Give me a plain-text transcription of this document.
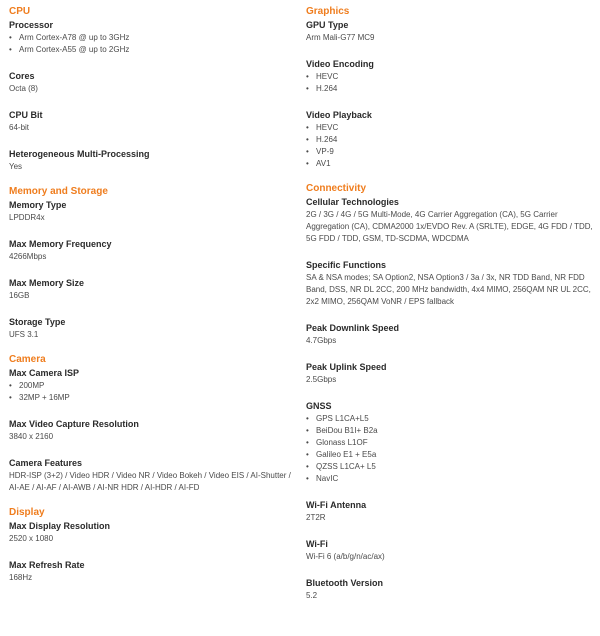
CPU
Processor
• Arm Cortex-A78 @ up to 3GHz
• Arm Cortex-A55 @ up to 2GHz
Cores
Octa (8)
CPU Bit
64-bit
Heterogeneous Multi-Processing
Yes
Memory and Storage
Memory Type
LPDDR4x
Max Memory Frequency
4266Mbps
Max Memory Size
16GB
Storage Type
UFS 3.1
Camera
Max Camera ISP
• 200MP
• 32MP + 16MP
Max Video Capture Resolution
3840 x 2160
Camera Features
HDR-ISP (3+2) / Video HDR / Video NR / Video Bokeh / Video EIS / AI-Shutter / AI-AE / AI-AF / AI-AWB / AI-NR HDR / AI-HDR / AI-FD
Display
Max Display Resolution
2520 x 1080
Max Refresh Rate
168Hz
Graphics
GPU Type
Arm Mali-G77 MC9
Video Encoding
• HEVC
• H.264
Video Playback
• HEVC
• H.264
• VP-9
• AV1
Connectivity
Cellular Technologies
2G / 3G / 4G / 5G Multi-Mode, 4G Carrier Aggregation (CA), 5G Carrier Aggregation (CA), CDMA2000 1x/EVDO Rev. A (SRLTE), EDGE, 4G FDD / TDD, 5G FDD / TDD, GSM, TD-SCDMA, WDCDMA
Specific Functions
SA & NSA modes; SA Option2, NSA Option3 / 3a / 3x, NR TDD Band, NR FDD Band, DSS, NR DL 2CC, 200 MHz bandwidth, 4x4 MIMO, 256QAM NR UL 2CC, 2x2 MIMO, 256QAM VoNR / EPS fallback
Peak Downlink Speed
4.7Gbps
Peak Uplink Speed
2.5Gbps
GNSS
• GPS L1CA+L5
• BeiDou B1I+ B2a
• Glonass L1OF
• Galileo E1 + E5a
• QZSS L1CA+ L5
• NavIC
Wi-Fi Antenna
2T2R
Wi-Fi
Wi-Fi 6 (a/b/g/n/ac/ax)
Bluetooth Version
5.2
